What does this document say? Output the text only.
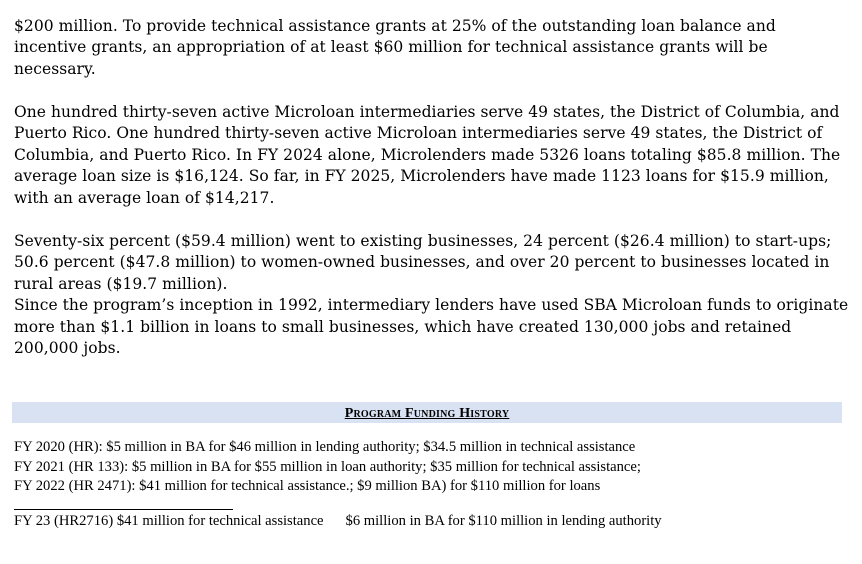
$200 million. To provide technical assistance grants at 25% of the outstanding loan balance and
incentive grants, an appropriation of at least $60 million for technical assistance grants will be
necessary.
One hundred thirty-seven active Microloan intermediaries serve 49 states, the District of Columbia, and
Puerto Rico. One hundred thirty-seven active Microloan intermediaries serve 49 states, the District of
Columbia, and Puerto Rico. In FY 2024 alone, Microlenders made 5326 loans totaling $85.8 million. The
average loan size is $16,124. So far, in FY 2025, Microlenders have made 1123 loans for $15.9 million,
with an average loan of $14,217.
Seventy-six percent ($59.4 million) went to existing businesses, 24 percent ($26.4 million) to start-ups;
50.6 percent ($47.8 million) to women-owned businesses, and over 20 percent to businesses located in
rural areas ($19.7 million).
Since the program’s inception in 1992, intermediary lenders have used SBA Microloan funds to originate
more than $1.1 billion in loans to small businesses, which have created 130,000 jobs and retained
200,000 jobs.
Program Funding History
FY 2020 (HR): $5 million in BA for $46 million in lending authority; $34.5 million in technical assistance
FY 2021 (HR 133): $5 million in BA for $55 million in loan authority; $35 million for technical assistance;
FY 2022 (HR 2471): $41 million for technical assistance.; $9 million BA) for $110 million for loans
FY 23 (HR2716) $41 million for technical assistance $6 million in BA for $110 million in lending authority
